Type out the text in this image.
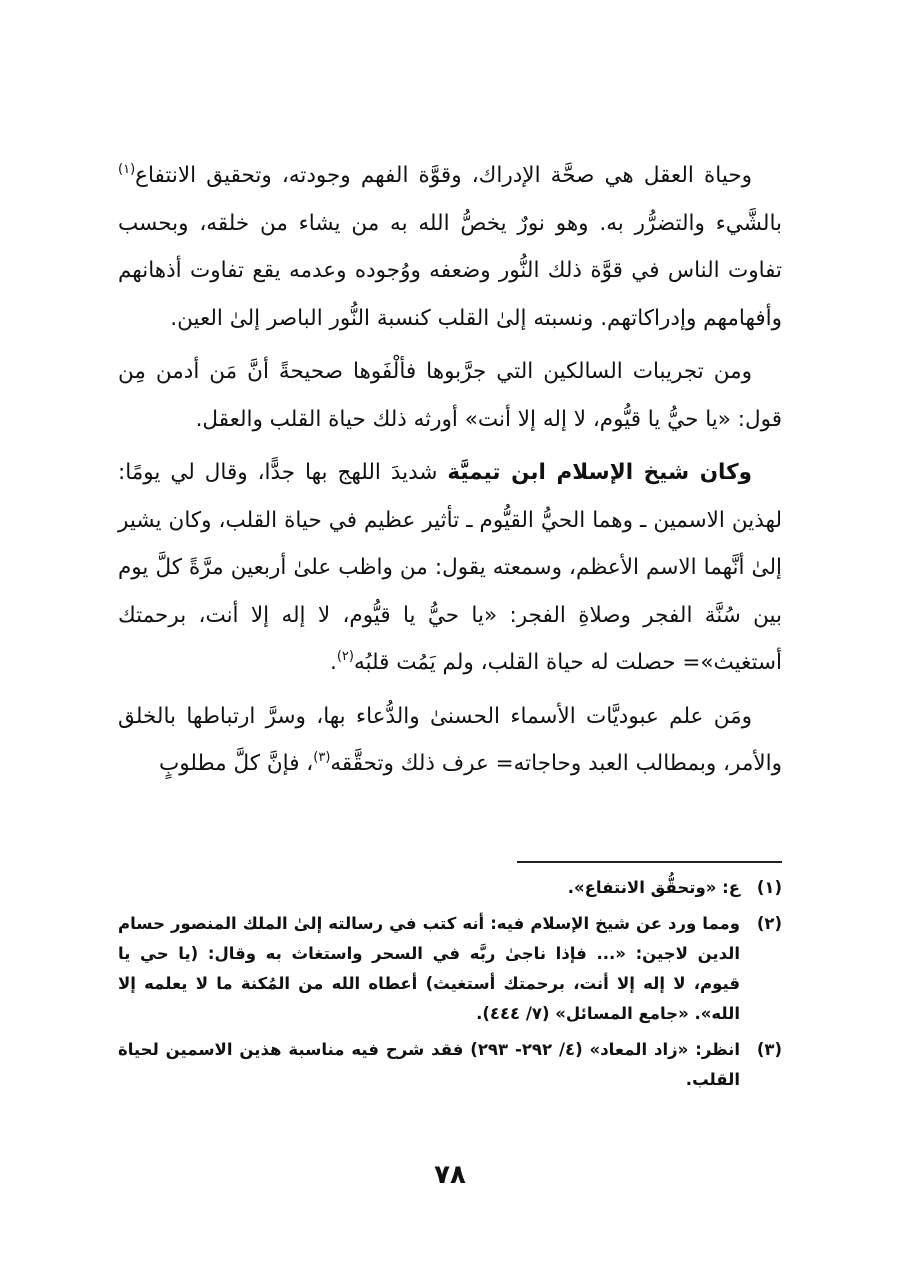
وحياة العقل هي صحَّة الإدراك، وقوَّة الفهم وجودته، وتحقيق الانتفاع$^{(١)}$ بالشَّيء والتضرُّر به. وهو نورٌ يخصُّ الله به من يشاء من خلقه، وبحسب تفاوت الناس في قوَّة ذلك النُّور وضعفه ووُجوده وعدمه يقع تفاوت أذهانهم وأفهامهم وإدراكاتهم. ونسبته إلىٰ القلب كنسبة النُّور الباصر إلىٰ العين.

ومن تجريبات السالكين التي جرَّبوها فألْفَوها صحيحةً أنَّ مَن أدمن مِن قول: «يا حيُّ يا قيُّوم، لا إله إلا أنت» أورثه ذلك حياة القلب والعقل.

وكان شيخ الإسلام ابن تيميَّة شديدَ اللهج بها جدًّا، وقال لي يومًا: لهذين الاسمين ـ وهما الحيُّ القيُّوم ـ تأثير عظيم في حياة القلب، وكان يشير إلىٰ أنَّهما الاسم الأعظم، وسمعته يقول: من واظب علىٰ أربعين مرَّةً كلَّ يوم بين سُنَّة الفجر وصلاةِ الفجر: «يا حيُّ يا قيُّوم، لا إله إلا أنت، برحمتك أستغيث»= حصلت له حياة القلب، ولم يَمُت قلبُه$^{(٢)}$.

ومَن علم عبوديَّات الأسماء الحسنىٰ والدُّعاء بها، وسرَّ ارتباطها بالخلق والأمر، وبمطالب العبد وحاجاته= عرف ذلك وتحقَّقه$^{(٣)}$، فإنَّ كلَّ مطلوبٍ

(١)
ع: «وتحقُّق الانتفاع».
(٢)
ومما ورد عن شيخ الإسلام فيه: أنه كتب في رسالته إلىٰ الملك المنصور حسام الدين لاجين: «... فإذا ناجىٰ ربَّه في السحر واستغاث به وقال: (يا حي يا قيوم، لا إله إلا أنت، برحمتك أستغيث) أعطاه الله من المُكنة ما لا يعلمه إلا الله». «جامع المسائل» (٧/ ٤٤٤).
(٣)
انظر: «زاد المعاد» (٤/ ٢٩٢- ٢٩٣) فقد شرح فيه مناسبة هذين الاسمين لحياة القلب.
٧٨
